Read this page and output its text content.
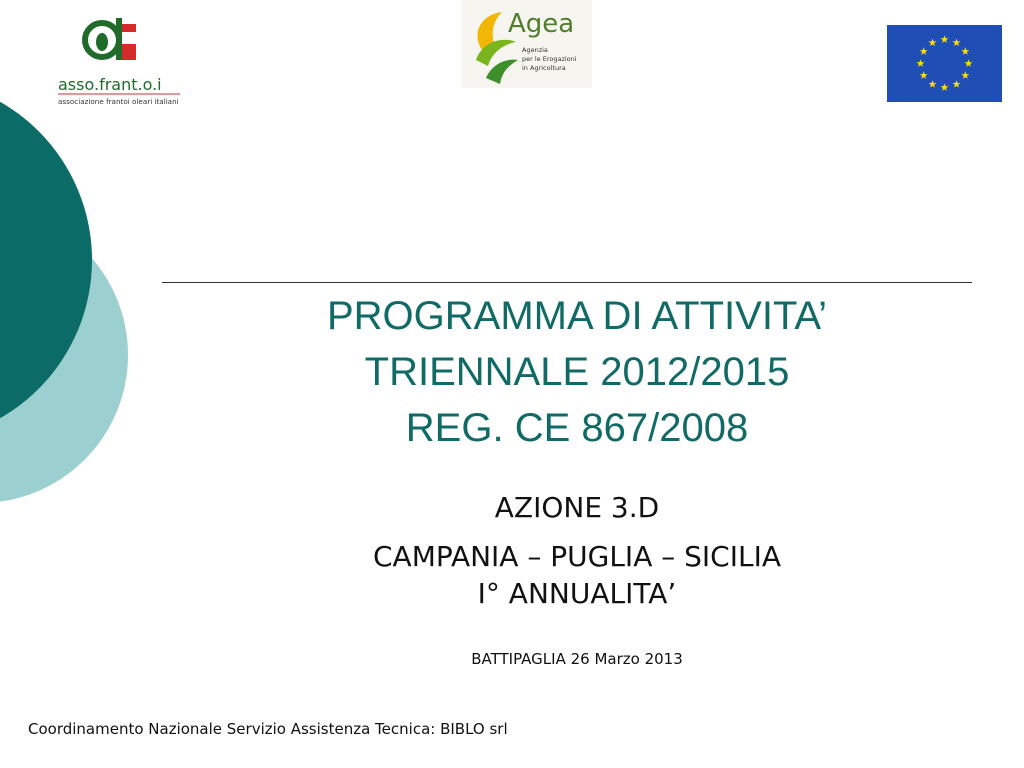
asso.frant.o.i
associazione frantoi oleari italiani
Agea
Agenzia
per le Erogazioni
in Agricoltura
PROGRAMMA DI ATTIVITA’
TRIENNALE 2012/2015
REG. CE 867/2008
AZIONE 3.D
CAMPANIA – PUGLIA – SICILIA
I° ANNUALITA’
BATTIPAGLIA 26 Marzo 2013
Coordinamento Nazionale Servizio Assistenza Tecnica: BIBLO srl
